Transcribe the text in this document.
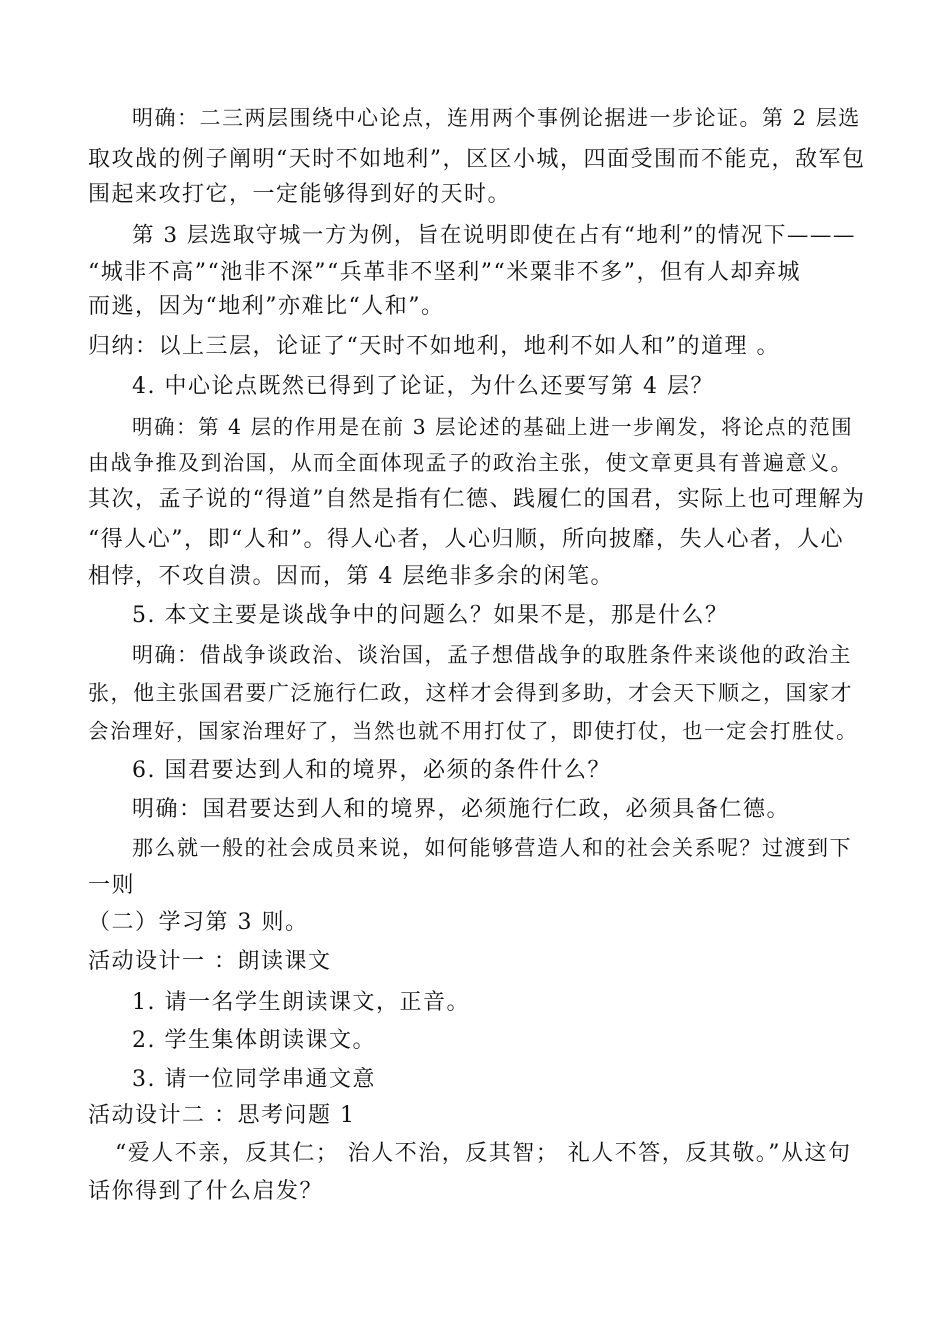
明确：二三两层围绕中心论点，连用两个事例论据进一步论证。第 2 层选
取攻战的例子阐明“天时不如地利”，区区小城，四面受围而不能克，敌军包
围起来攻打它，一定能够得到好的天时。
第 3 层选取守城一方为例，旨在说明即使在占有“地利”的情况下———
“城非不高”“池非不深”“兵革非不坚利”“米粟非不多”，但有人却弃城
而逃，因为“地利”亦难比“人和”。
归纳：以上三层，论证了“天时不如地利，地利不如人和”的道理 。
4. 中心论点既然已得到了论证，为什么还要写第 4 层？
明确：第 4 层的作用是在前 3 层论述的基础上进一步阐发，将论点的范围
由战争推及到治国，从而全面体现孟子的政治主张，使文章更具有普遍意义。
其次，孟子说的“得道”自然是指有仁德、践履仁的国君，实际上也可理解为
“得人心”，即“人和”。得人心者，人心归顺，所向披靡，失人心者，人心
相悖，不攻自溃。因而，第 4 层绝非多余的闲笔。
5. 本文主要是谈战争中的问题么？如果不是，那是什么？
明确：借战争谈政治、谈治国，孟子想借战争的取胜条件来谈他的政治主
张，他主张国君要广泛施行仁政，这样才会得到多助，才会天下顺之，国家才
会治理好，国家治理好了，当然也就不用打仗了，即使打仗，也一定会打胜仗。
6. 国君要达到人和的境界，必须的条件什么？
明确：国君要达到人和的境界，必须施行仁政，必须具备仁德。
那么就一般的社会成员来说，如何能够营造人和的社会关系呢？过渡到下
一则
（二）学习第 3 则。
活动设计一 ：朗读课文
1. 请一名学生朗读课文，正音。
2. 学生集体朗读课文。
3. 请一位同学串通文意
活动设计二 ：思考问题 1
“爱人不亲，反其仁； 治人不治，反其智； 礼人不答，反其敬。”从这句
话你得到了什么启发？
